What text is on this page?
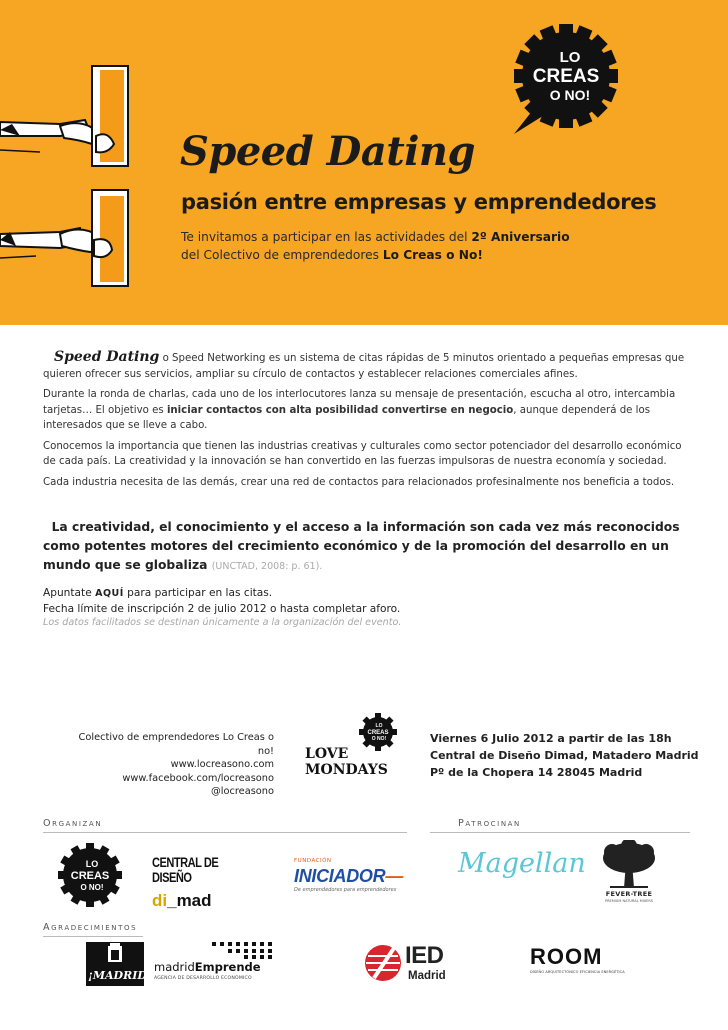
Speed Dating
pasión entre empresas y emprendedores
Te invitamos a participar en las actividades del 2º Aniversario
del Colectivo de emprendedores Lo Creas o No!
LO
CREAS
O NO!

Speed Dating o Speed Networking es un sistema de citas rápidas de 5 minutos orientado a pequeñas empresas que quieren ofrecer sus servicios, ampliar su círculo de contactos y establecer relaciones comerciales afines.

Durante la ronda de charlas, cada uno de los interlocutores lanza su mensaje de presentación, escucha al otro, intercambia tarjetas… El objetivo es iniciar contactos con alta posibilidad convertirse en negocio, aunque dependerá de los interesados que se lleve a cabo.

Conocemos la importancia que tienen las industrias creativas y culturales como sector potenciador del desarrollo económico de cada país. La creatividad y la innovación se han convertido en las fuerzas impulsoras de nuestra economía y sociedad.

Cada industria necesita de las demás, crear una red de contactos para relacionados profesinalmente nos beneficia a todos.

La creatividad, el conocimiento y el acceso a la información son cada vez más reconocidos como potentes motores del crecimiento económico y de la promoción del desarrollo en un mundo que se globaliza (UNCTAD, 2008: p. 61).
Apuntate AQUÍ para participar en las citas.
Fecha límite de inscripción 2 de julio 2012 o hasta completar aforo.
Los datos facilitados se destinan únicamente a la organización del evento.
Colectivo de emprendedores Lo Creas o no!
www.locreasono.com
www.facebook.com/locreasono
@locreasono
LO
CREAS
O NO!
LOVE
MONDAYS
Viernes 6 Julio 2012 a partir de las 18h
Central de Diseño Dimad, Matadero Madrid
Pº de la Chopera 14 28045 Madrid
Organizan	Patrocinan
LO
CREAS
O NO!
CENTRAL DE DISEÑO
di_mad
FUNDACIÓN
INICIADOR—
De emprendedores para emprendedores
Magellan
FEVER-TREE
PREMIUM NATURAL MIXERS
Agradecimientos
¡MADRID!
madridEmprende
AGENCIA DE DESARROLLO ECONÓMICO
IED
Madrid
ROOM
DISEÑO ARQUITECTÓNICO EFICIENCIA ENERGÉTICA
